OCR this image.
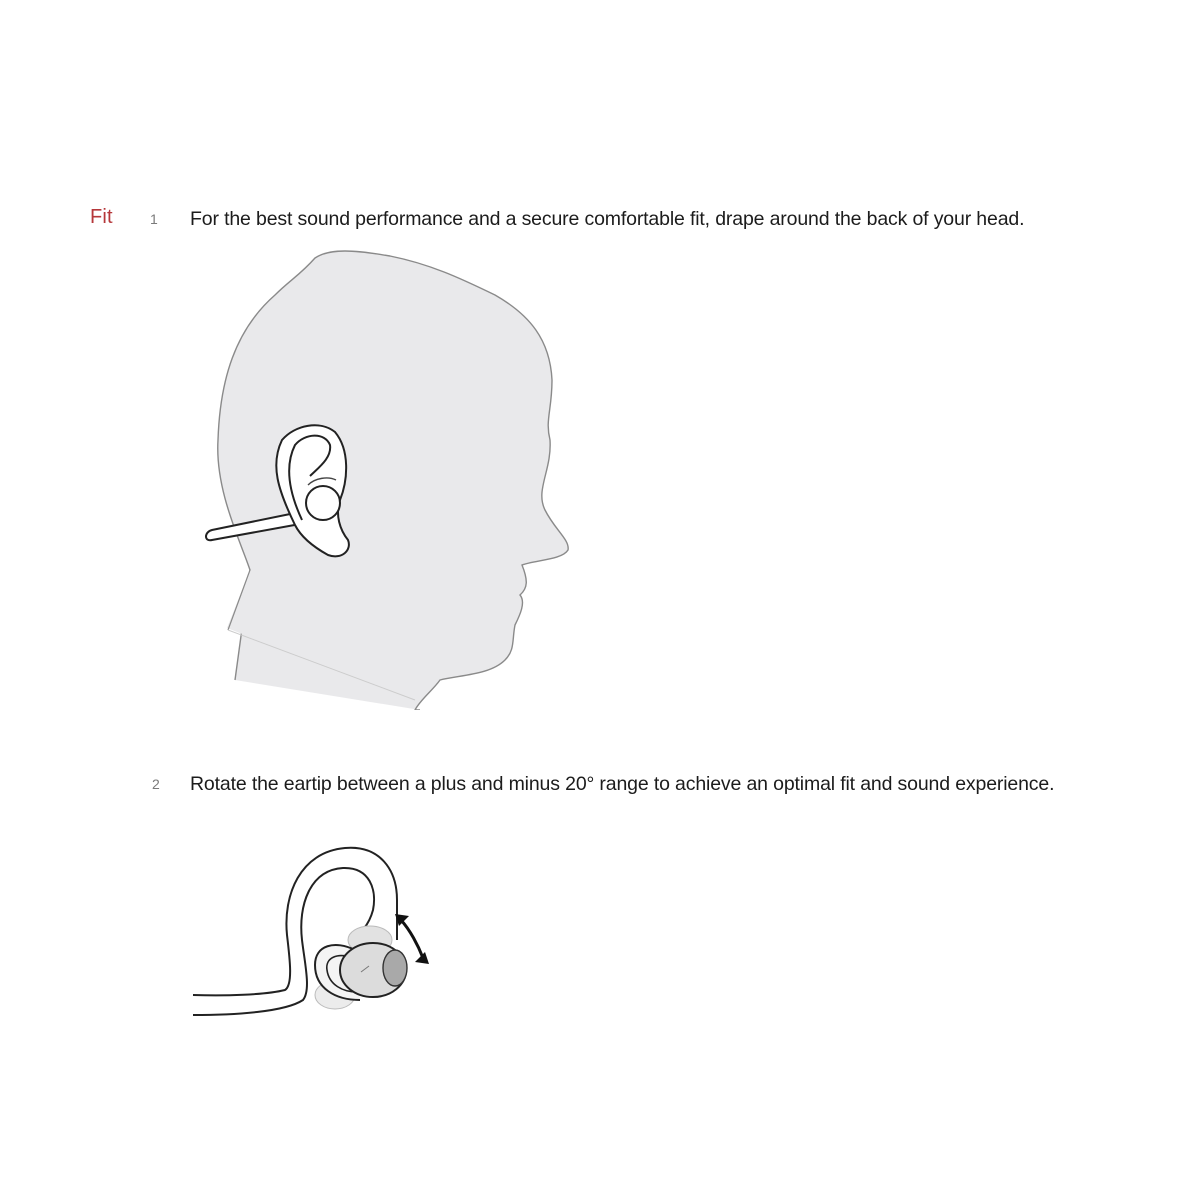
Fit	1 For the best sound performance and a secure comfortable fit, drape around the back of your head.
2 Rotate the eartip between a plus and minus 20° range to achieve an optimal fit and sound experience.
